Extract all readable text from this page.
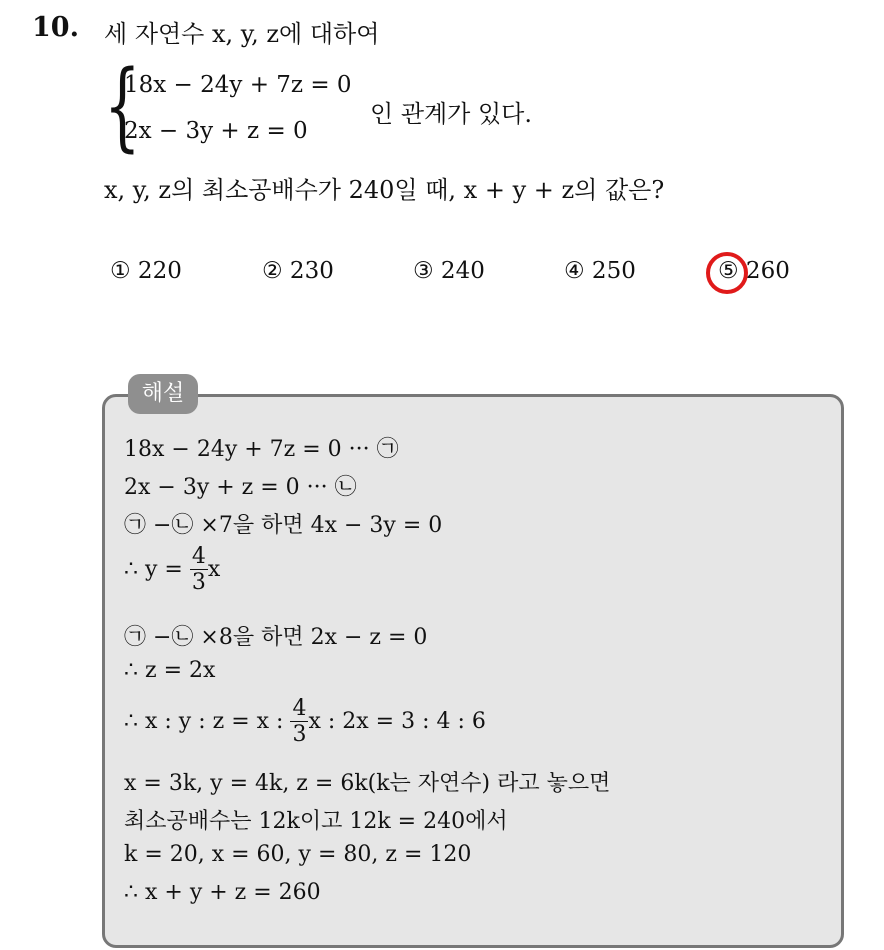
10. 세 자연수 x, y, z에 대하여
{
18x − 24y + 7z = 0
2x − 3y + z = 0
인 관계가 있다.
x, y, z의 최소공배수가 240일 때, x + y + z의 값은?
① 220	② 230	③ 240	④ 250	⑤ 260
해설
18x − 24y + 7z = 0 ··· ㉠
2x − 3y + z = 0 ··· ㉡
㉠ −㉡ ×7을 하면 4x − 3y = 0
∴ $y = \frac{4}{3}$ x
㉠ −㉡ ×8을 하면 2x − z = 0
∴ z = 2x
∴ x : y : z = x : $\frac{4}{3}$ x : 2x = 3 : 4 : 6
x = 3k, y = 4k, z = 6k(k는 자연수) 라고 놓으면
최소공배수는 12k이고 12k = 240에서
k = 20, x = 60, y = 80, z = 120
∴ x + y + z = 260
